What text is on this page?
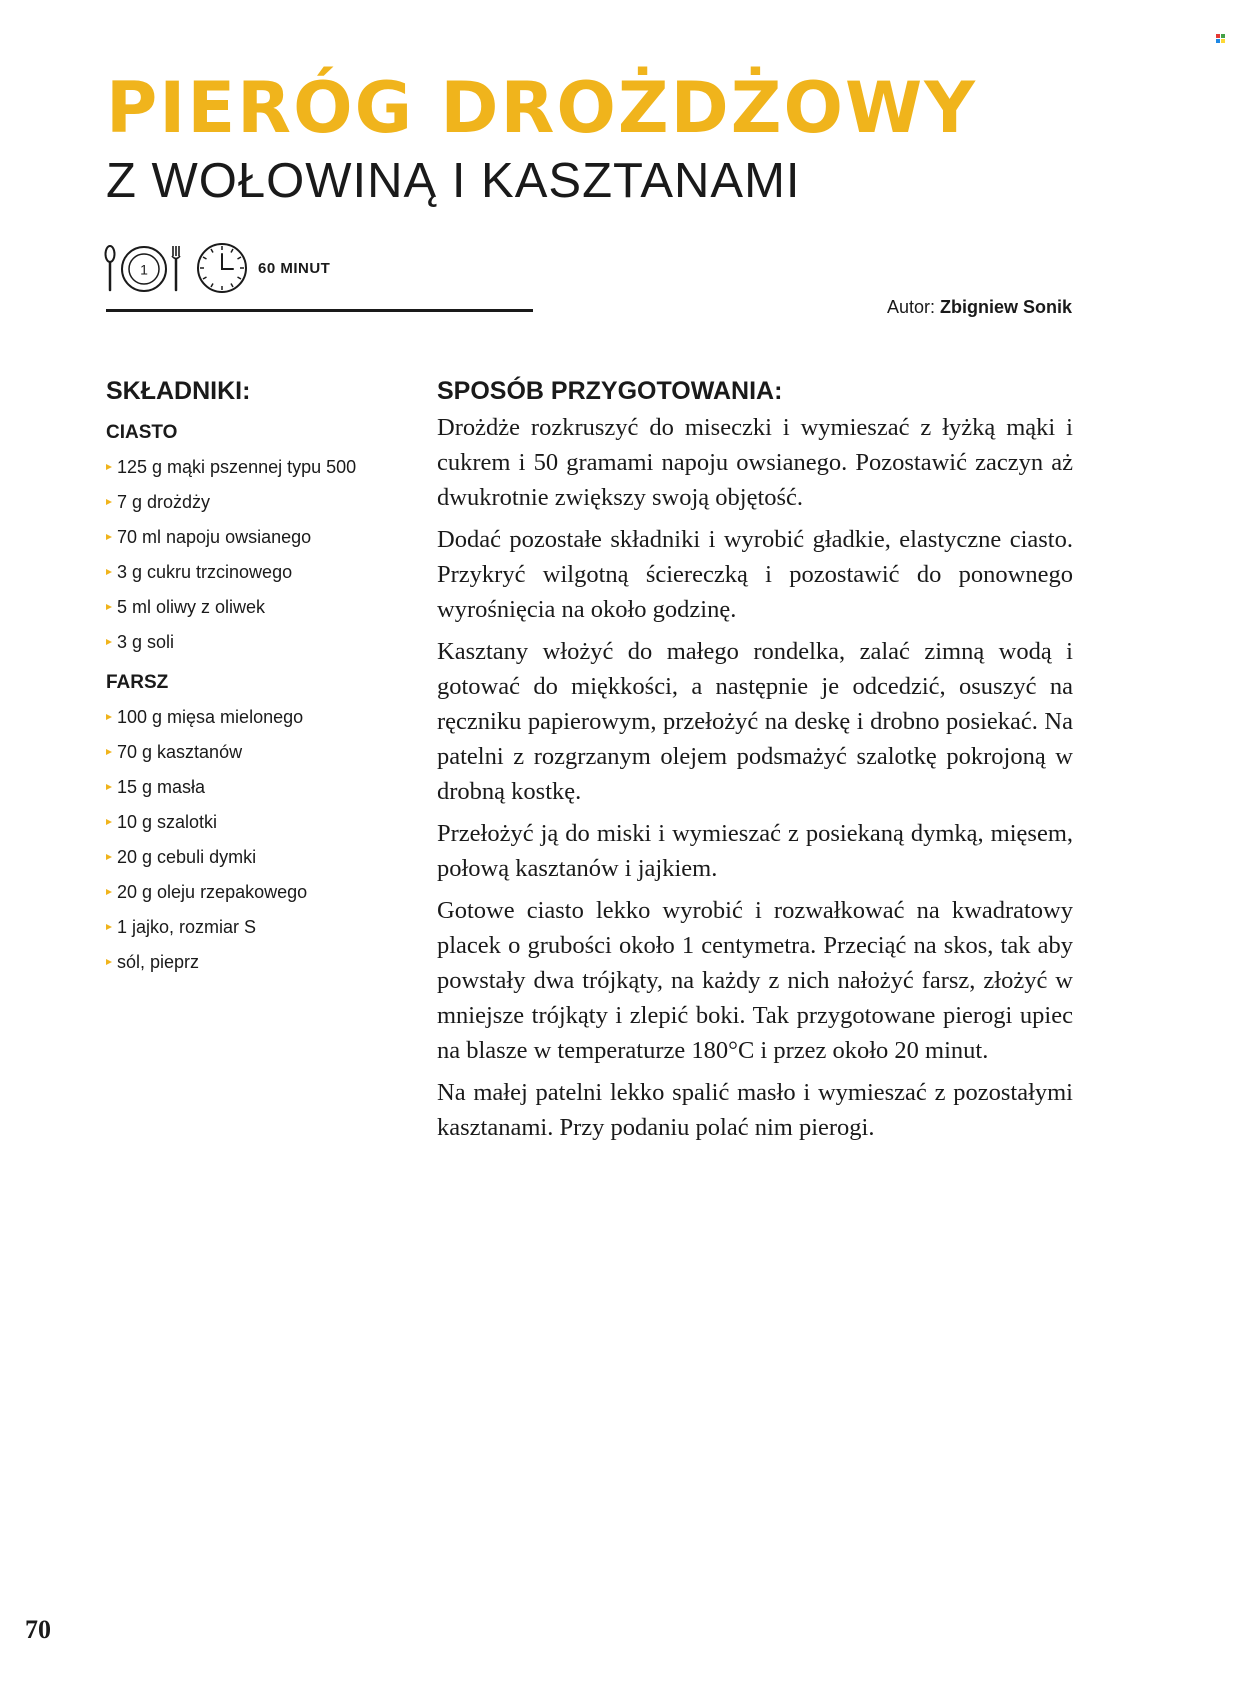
PIERÓG DROŻDŻOWY
Z WOŁOWINĄ I KASZTANAMI
1	60 MINUT
Autor: Zbigniew Sonik
SKŁADNIKI:
CIASTO
125 g mąki pszennej typu 500
7 g drożdży
70 ml napoju owsianego
3 g cukru trzcinowego
5 ml oliwy z oliwek
3 g soli
FARSZ
100 g mięsa mielonego
70 g kasztanów
15 g masła
10 g szalotki
20 g cebuli dymki
20 g oleju rzepakowego
1 jajko, rozmiar S
sól, pieprz
SPOSÓB PRZYGOTOWANIA:

Drożdże rozkruszyć do miseczki i wymieszać z łyżką mąki i cukrem i 50 gramami napoju owsianego. Pozostawić zaczyn aż dwukrotnie zwiększy swoją objętość.

Dodać pozostałe składniki i wyrobić gładkie, elastyczne ciasto. Przykryć wilgotną ściereczką i pozostawić do ponownego wyrośnięcia na około godzinę.

Kasztany włożyć do małego rondelka, zalać zimną wodą i gotować do miękkości, a następnie je odcedzić, osuszyć na ręczniku papierowym, przełożyć na deskę i drobno posiekać. Na patelni z rozgrzanym olejem podsmażyć szalotkę pokrojoną w drobną kostkę.

Przełożyć ją do miski i wymieszać z posiekaną dymką, mięsem, połową kasztanów i jajkiem.

Gotowe ciasto lekko wyrobić i rozwałkować na kwadratowy placek o grubości około 1 centymetra. Przeciąć na skos, tak aby powstały dwa trójkąty, na każdy z nich nałożyć farsz, złożyć w mniejsze trójkąty i zlepić boki. Tak przygotowane pierogi upiec na blasze w temperaturze 180°C i przez około 20 minut.

Na małej patelni lekko spalić masło i wymieszać z pozostałymi kasztanami. Przy podaniu polać nim pierogi.

70
